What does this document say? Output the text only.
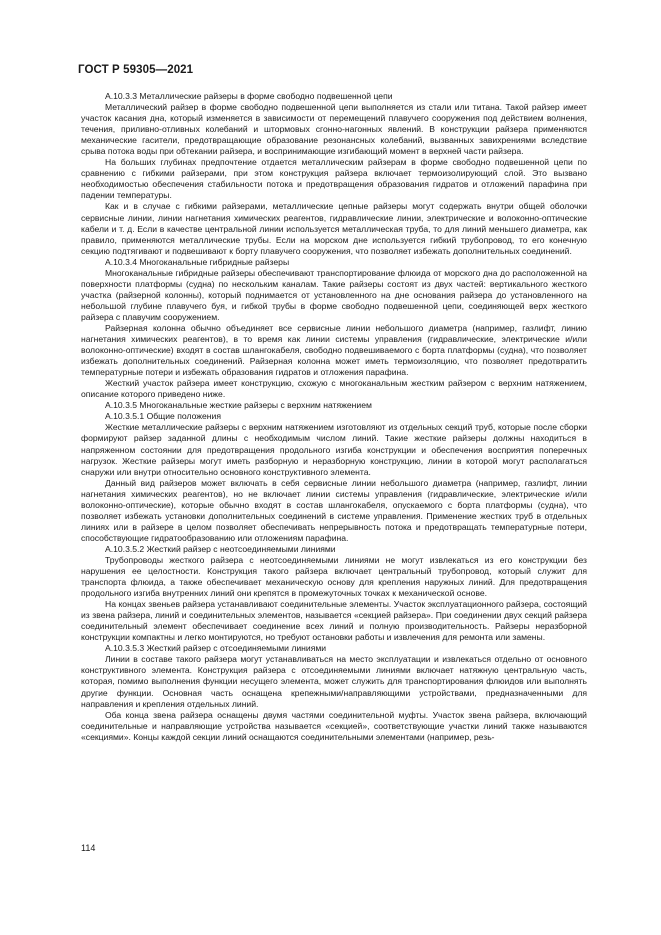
ГОСТ Р 59305—2021

А.10.3.3 Металлические райзеры в форме свободно подвешенной цепи

Металлический райзер в форме свободно подвешенной цепи выполняется из стали или титана. Такой райзер имеет участок касания дна, который изменяется в зависимости от перемещений плавучего сооружения под действием волнения, течения, приливно-отливных колебаний и штормовых сгонно-нагонных явлений. В конструкции райзера применяются механические гасители, предотвращающие образование резонансных колебаний, вызванных завихрениями вследствие срыва потока воды при обтекании райзера, и воспринимающие изгибающий момент в верхней части райзера.

На больших глубинах предпочтение отдается металлическим райзерам в форме свободно подвешенной цепи по сравнению с гибкими райзерами, при этом конструкция райзера включает термоизолирующий слой. Это вызвано необходимостью обеспечения стабильности потока и предотвращения образования гидратов и отложений парафина при падении температуры.

Как и в случае с гибкими райзерами, металлические цепные райзеры могут содержать внутри общей оболочки сервисные линии, линии нагнетания химических реагентов, гидравлические линии, электрические и волоконно-оптические кабели и т. д. Если в качестве центральной линии используется металлическая труба, то для линий меньшего диаметра, как правило, применяются металлические трубы. Если на морском дне используется гибкий трубопровод, то его конечную секцию подтягивают и подвешивают к борту плавучего сооружения, что позволяет избежать дополнительных соединений.

А.10.3.4 Многоканальные гибридные райзеры

Многоканальные гибридные райзеры обеспечивают транспортирование флюида от морского дна до расположенной на поверхности платформы (судна) по нескольким каналам. Такие райзеры состоят из двух частей: вертикального жесткого участка (райзерной колонны), который поднимается от установленного на дне основания райзера до установленного на небольшой глубине плавучего буя, и гибкой трубы в форме свободно подвешенной цепи, соединяющей верх жесткого райзера с плавучим сооружением.

Райзерная колонна обычно объединяет все сервисные линии небольшого диаметра (например, газлифт, линию нагнетания химических реагентов), в то время как линии системы управления (гидравлические, электрические и/или волоконно-оптические) входят в состав шлангокабеля, свободно подвешиваемого с борта платформы (судна), что позволяет избежать дополнительных соединений. Райзерная колонна может иметь термоизоляцию, что позволяет предотвратить температурные потери и избежать образования гидратов и отложения парафина.

Жесткий участок райзера имеет конструкцию, схожую с многоканальным жестким райзером с верхним натяжением, описание которого приведено ниже.

А.10.3.5 Многоканальные жесткие райзеры с верхним натяжением

А.10.3.5.1 Общие положения

Жесткие металлические райзеры с верхним натяжением изготовляют из отдельных секций труб, которые после сборки формируют райзер заданной длины с необходимым числом линий. Такие жесткие райзеры должны находиться в напряженном состоянии для предотвращения продольного изгиба конструкции и обеспечения восприятия поперечных нагрузок. Жесткие райзеры могут иметь разборную и неразборную конструкцию, линии в которой могут располагаться снаружи или внутри относительно основного конструктивного элемента.

Данный вид райзеров может включать в себя сервисные линии небольшого диаметра (например, газлифт, линии нагнетания химических реагентов), но не включает линии системы управления (гидравлические, электрические и/или волоконно-оптические), которые обычно входят в состав шлангокабеля, опускаемого с борта платформы (судна), что позволяет избежать установки дополнительных соединений в системе управления. Применение жестких труб в отдельных линиях или в райзере в целом позволяет обеспечивать непрерывность потока и предотвращать температурные потери, способствующие гидратообразованию или отложениям парафина.

А.10.3.5.2 Жесткий райзер с неотсоединяемыми линиями

Трубопроводы жесткого райзера с неотсоединяемыми линиями не могут извлекаться из его конструкции без нарушения ее целостности. Конструкция такого райзера включает центральный трубопровод, который служит для транспорта флюида, а также обеспечивает механическую основу для крепления наружных линий. Для предотвращения продольного изгиба внутренних линий они крепятся в промежуточных точках к механической основе.

На концах звеньев райзера устанавливают соединительные элементы. Участок эксплуатационного райзера, состоящий из звена райзера, линий и соединительных элементов, называется «секцией райзера». При соединении двух секций райзера соединительный элемент обеспечивает соединение всех линий и полную производительность. Райзеры неразборной конструкции компактны и легко монтируются, но требуют остановки работы и извлечения для ремонта или замены.

А.10.3.5.3 Жесткий райзер с отсоединяемыми линиями

Линии в составе такого райзера могут устанавливаться на место эксплуатации и извлекаться отдельно от основного конструктивного элемента. Конструкция райзера с отсоединяемыми линиями включает натяжную центральную часть, которая, помимо выполнения функции несущего элемента, может служить для транспортирования флюидов или выполнять другие функции. Основная часть оснащена крепежными/направляющими устройствами, предназначенными для направления и крепления отдельных линий.

Оба конца звена райзера оснащены двумя частями соединительной муфты. Участок звена райзера, включающий соединительные и направляющие устройства называется «секцией», соответствующие участки линий также называются «секциями». Концы каждой секции линий оснащаются соединительными элементами (например, резь-

114
